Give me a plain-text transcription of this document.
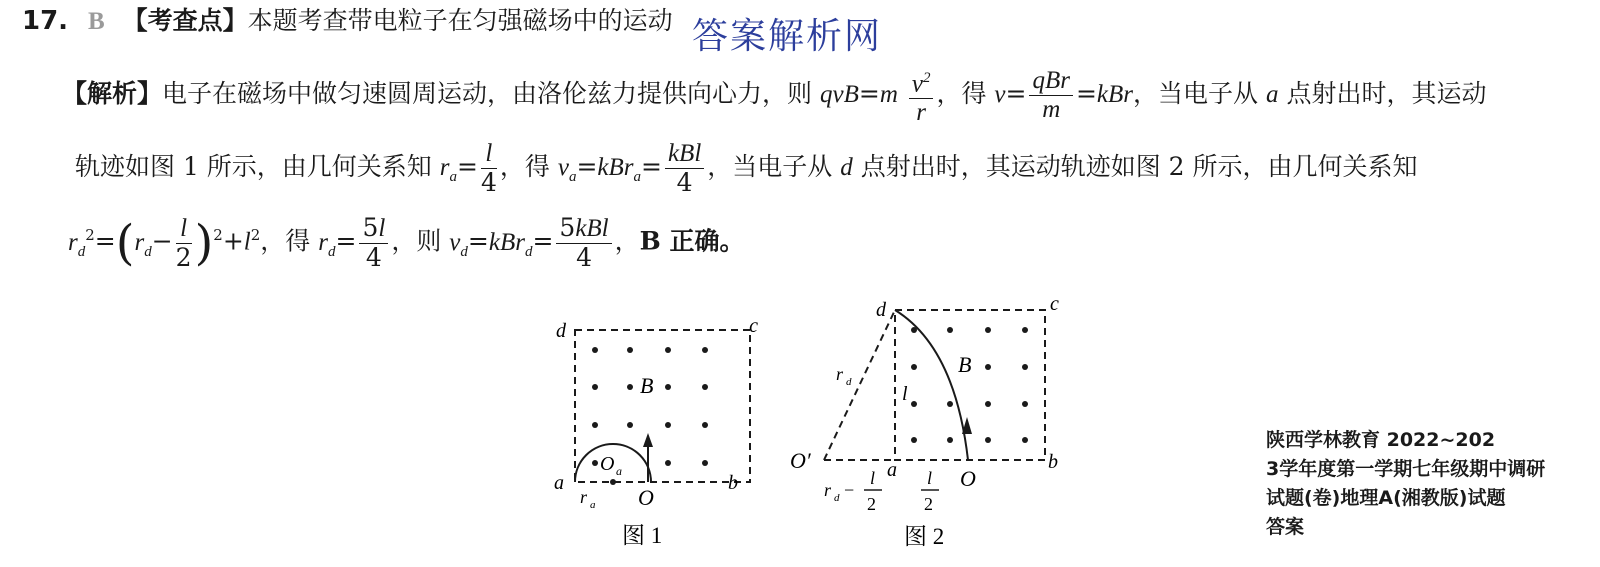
17. B 【考查点】本题考查带电粒子在匀强磁场中的运动 答案解析网
【解析】电子在磁场中做匀速圆周运动，由洛伦兹力提供向心力，则 $qvB=m \frac{v^2}{r}$ ，得 $v= \frac{\text{qBr}}{m} =kBr$，当电子从 a 点射出时，其运动
轨迹如图 1 所示，由几何关系知 $r_a= \frac{l}{4}$ ，得 $v_a=kBr_a= \frac{\text{kBl}}{4}$ ，当电子从 d 点射出时，其运动轨迹如图 2 所示，由几何关系知
$r_d^2=(r_d- \frac{l}{2} )^2+l^2$，得 $r_d= \frac{5l}{4}$ ，则 $v_d=kBr_d= \frac{\text{5kBl}}{4}$ ，B 正确。
d	c
a	b
B
O
O a
r a
图 1
d	c
a	b
O′
O
B
l
r d
r d −
l
2
l
2
图 2
陕西学林教育 2022~202
3学年度第一学期七年级期中调研
试题(卷)地理A(湘教版)试题
答案
